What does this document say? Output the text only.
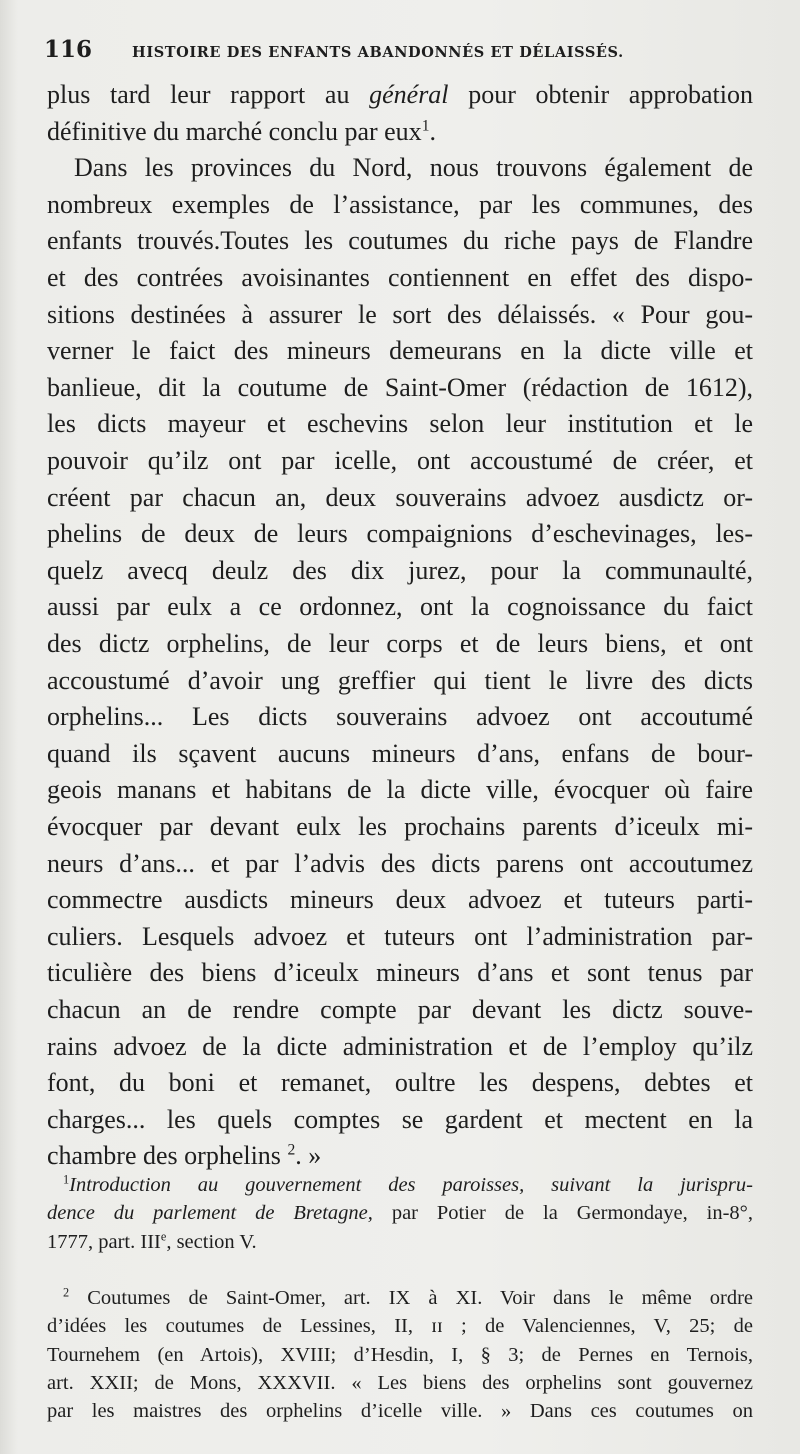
116	HISTOIRE DES ENFANTS ABANDONNÉS ET DÉLAISSÉS.
plus tard leur rapport au général pour obtenir approbation
définitive du marché conclu par eux$^1$.
Dans les provinces du Nord, nous trouvons également de
nombreux exemples de l’assistance, par les communes, des
enfants trouvés.Toutes les coutumes du riche pays de Flandre
et des contrées avoisinantes contiennent en effet des dispo-
sitions destinées à assurer le sort des délaissés. « Pour gou-
verner le faict des mineurs demeurans en la dicte ville et
banlieue, dit la coutume de Saint-Omer (rédaction de 1612),
les dicts mayeur et eschevins selon leur institution et le
pouvoir qu’ilz ont par icelle, ont accoustumé de créer, et
créent par chacun an, deux souverains advoez ausdictz or-
phelins de deux de leurs compaignions d’eschevinages, les-
quelz avecq deulz des dix jurez, pour la communaulté,
aussi par eulx a ce ordonnez, ont la cognoissance du faict
des dictz orphelins, de leur corps et de leurs biens, et ont
accoustumé d’avoir ung greffier qui tient le livre des dicts
orphelins... Les dicts souverains advoez ont accoutumé
quand ils sçavent aucuns mineurs d’ans, enfans de bour-
geois manans et habitans de la dicte ville, évocquer où faire
évocquer par devant eulx les prochains parents d’iceulx mi-
neurs d’ans... et par l’advis des dicts parens ont accoutumez
commectre ausdicts mineurs deux advoez et tuteurs parti-
culiers. Lesquels advoez et tuteurs ont l’administration par-
ticulière des biens d’iceulx mineurs d’ans et sont tenus par
chacun an de rendre compte par devant les dictz souve-
rains advoez de la dicte administration et de l’employ qu’ilz
font, du boni et remanet, oultre les despens, debtes et
charges... les quels comptes se gardent et mectent en la
chambre des orphelins $^2$. »
$^1$Introduction au gouvernement des paroisses, suivant la jurispru-
dence du parlement de Bretagne, par Potier de la Germondaye, in-8°,
1777, part. IIIe, section V.
$^2$ Coutumes de Saint-Omer, art. IX à XI. Voir dans le même ordre
d’idées les coutumes de Lessines, II, ɪɪ ; de Valenciennes, V, 25; de
Tournehem (en Artois), XVIII; d’Hesdin, I, § 3; de Pernes en Ternois,
art. XXII; de Mons, XXXVII. « Les biens des orphelins sont gouvernez
par les maistres des orphelins d’icelle ville. » Dans ces coutumes on
